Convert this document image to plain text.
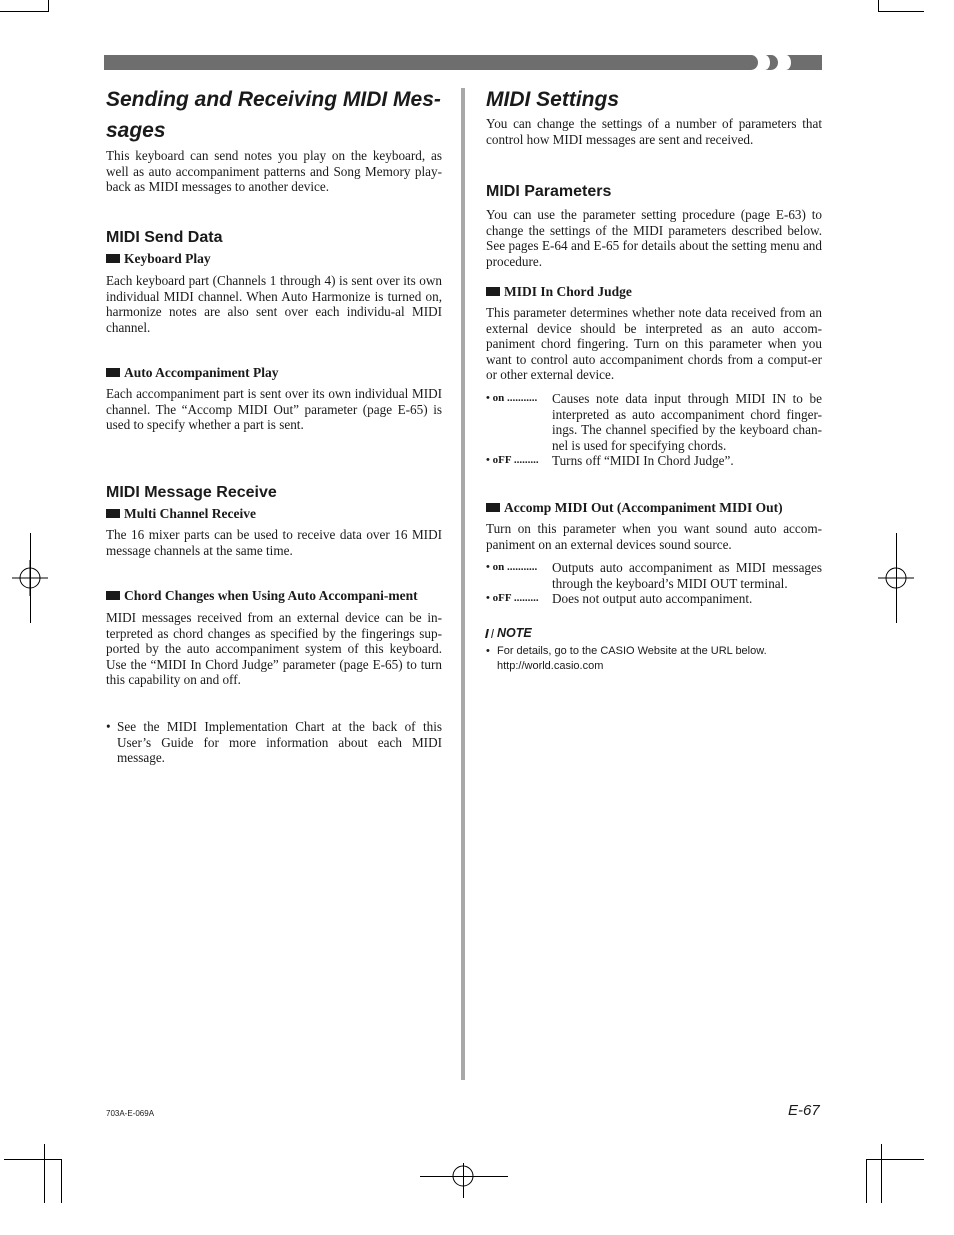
Sending and Receiving MIDI Mes-
sages

This keyboard can send notes you play on the keyboard, as well as auto accompaniment patterns and Song Memory play-back as MIDI messages to another device.

MIDI Send Data
Keyboard Play

Each keyboard part (Channels 1 through 4) is sent over its own individual MIDI channel. When Auto Harmonize is turned on, harmonize notes are also sent over each individu-al MIDI channel.

Auto Accompaniment Play

Each accompaniment part is sent over its own individual MIDI channel. The “Accomp MIDI Out” parameter (page E-65) is used to specify whether a part is sent.

MIDI Message Receive
Multi Channel Receive

The 16 mixer parts can be used to receive data over 16 MIDI message channels at the same time.

Chord Changes when Using Auto Accompani-ment

MIDI messages received from an external device can be in-terpreted as chord changes as specified by the fingerings sup-ported by the auto accompaniment system of this keyboard. Use the “MIDI In Chord Judge” parameter (page E-65) to turn this capability on and off.

• See the MIDI Implementation Chart at the back of this User’s Guide for more information about each MIDI message.
MIDI Settings

You can change the settings of a number of parameters that control how MIDI messages are sent and received.

MIDI Parameters

You can use the parameter setting procedure (page E-63) to change the settings of the MIDI parameters described below. See pages E-64 and E-65 for details about the setting menu and procedure.

MIDI In Chord Judge

This parameter determines whether note data received from an external device should be interpreted as an auto accom-paniment chord fingering. Turn on this parameter when you want to control auto accompaniment chords from a comput-er or other external device.

• on ...........	Causes note data input through MIDI IN to be interpreted as auto accompaniment chord finger-ings. The channel specified by the keyboard chan-nel is used for specifying chords.
• oFF .........	Turns off “MIDI In Chord Judge”.
Accomp MIDI Out (Accompaniment MIDI Out)

Turn on this parameter when you want sound auto accom-paniment on an external devices sound source.

• on ...........	Outputs auto accompaniment as MIDI messages through the keyboard’s MIDI OUT terminal.
• oFF .........	Does not output auto accompaniment.
NOTE
• For details, go to the CASIO Website at the URL below.
http://world.casio.com
703A-E-069A	E-67
